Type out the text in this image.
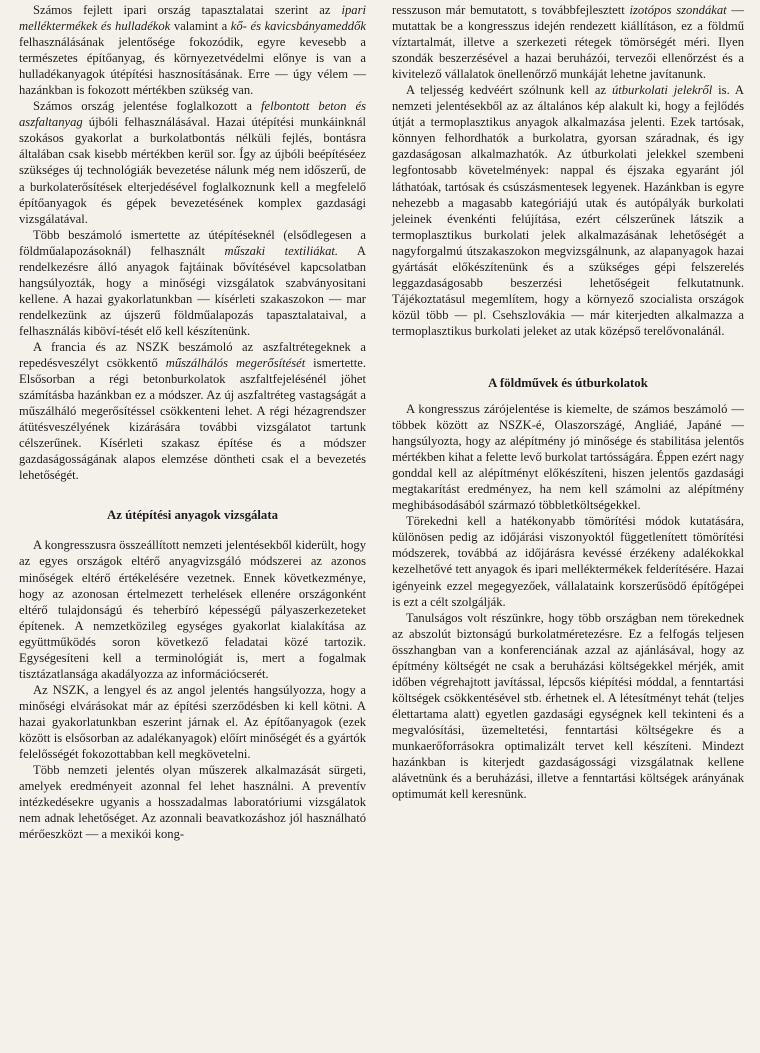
Számos fejlett ipari ország tapasztalatai szerint az ipari melléktermékek és hulladékok valamint a kő- és kavicsbányameddők felhasználásának jelentősége fokozódik, egyre kevesebb a természetes építőanyag, és környezetvédelmi előnye is van a hulladékanyagok útépítési hasznosításának. Erre — úgy vélem — hazánkban is fokozott mértékben szükség van.

Számos ország jelentése foglalkozott a felbontott beton és aszfaltanyag újbóli felhasználásával. Hazai útépítési munkáinknál szokásos gyakorlat a burkolatbontás nélküli fejlés, bontásra általában csak kisebb mértékben kerül sor. Így az újbóli beépítéséez szükséges új technológiák bevezetése nálunk még nem időszerű, de a burkolaterősítések elterjedésével foglalkoznunk kell a megfelelő építőanyagok és gépek bevezetésének komplex gazdasági vizsgálatával.

Több beszámoló ismertette az útépítéseknél (elsődlegesen a földműalapozásoknál) felhasznált műszaki textiliákat. A rendelkezésre álló anyagok fajtáinak bővítésével kapcsolatban hangsúlyozták, hogy a minőségi vizsgálatok szabványositani kellene. A hazai gyakorlatunkban — kísérleti szakaszokon — mar rendelkezünk az újszerű földműalapozás tapasztalataival, a felhasználás kiböví-tését elő kell készítenünk.

A francia és az NSZK beszámoló az aszfaltrétegeknek a repedésveszélyt csökkentő műszálhálós megerősítését ismertette. Elsősorban a régi betonburkolatok aszfaltfejelésénél jöhet számításba hazánkban ez a módszer. Az új aszfaltréteg vastagságát a műszálháló megerősítéssel csökkenteni lehet. A régi hézagrendszer átütésveszélyének kizárására további vizsgálatot tartunk célszerűnek. Kísérleti szakasz építése és a módszer gazdaságosságának alapos elemzése döntheti csak el a bevezetés lehetőségét.

Az útépítési anyagok vizsgálata

A kongresszusra összeállított nemzeti jelentésekből kiderült, hogy az egyes országok eltérő anyagvizsgáló módszerei az azonos minőségek eltérő értékelésére vezetnek. Ennek következménye, hogy az azonosan értelmezett terhelések ellenére országonként eltérő tulajdonságú és teherbíró képességű pályaszerkezeteket építenek. A nemzetközileg egységes gyakorlat kialakítása az együttműködés soron következő feladatai közé tartozik. Egységesíteni kell a terminológiát is, mert a fogalmak tisztázatlansága akadályozza az információcserét.

Az NSZK, a lengyel és az angol jelentés hangsúlyozza, hogy a minőségi elvárásokat már az építési szerződésben ki kell kötni. A hazai gyakorlatunkban eszerint járnak el. Az építőanyagok (ezek között is elsősorban az adalékanyagok) előírt minőségét és a gyártók felelősségét fokozottabban kell megkövetelni.

Több nemzeti jelentés olyan műszerek alkalmazását sürgeti, amelyek eredményeit azonnal fel lehet használni. A preventív intézkedésekre ugyanis a hosszadalmas laboratóriumi vizsgálatok nem adnak lehetőséget. Az azonnali beavatkozáshoz jól használható mérőeszközt — a mexikói kong-

resszuson már bemutatott, s továbbfejlesztett izotópos szondákat — mutattak be a kongresszus idején rendezett kiállításon, ez a földmű víztartalmát, illetve a szerkezeti rétegek tömörségét méri. Ilyen szondák beszerzésével a hazai beruházói, tervezői ellenőrzést és a kivitelező vállalatok önellenőrző munkáját lehetne javítanunk.

A teljesség kedvéért szólnunk kell az útburkolati jelekről is. A nemzeti jelentésekből az az általános kép alakult ki, hogy a fejlődés útját a termoplasztikus anyagok alkalmazása jelenti. Ezek tartósak, könnyen felhordhatók a burkolatra, gyorsan száradnak, és igy gazdaságosan alkalmazhatók. Az útburkolati jelekkel szembeni legfontosabb követelmények: nappal és éjszaka egyaránt jól láthatóak, tartósak és csúszásmentesek legyenek. Hazánkban is egyre nehezebb a magasabb kategóriájú utak és autópályák burkolati jeleinek évenkénti felújítása, ezért célszerűnek látszik a termoplasztikus burkolati jelek alkalmazásának lehetőségét a nagyforgalmú útszakaszokon megvizsgálnunk, az alapanyagok hazai gyártását előkészítenünk és a szükséges gépi felszerelés leggazdaságosabb beszerzési lehetőségeit felkutatnunk. Tájékoztatásul megemlítem, hogy a környező szocialista országok közül több — pl. Csehszlovákia — már kiterjedten alkalmazza a termoplasztikus burkolati jeleket az utak középső terelővonalánál.

A földművek és útburkolatok

A kongresszus zárójelentése is kiemelte, de számos beszámoló — többek között az NSZK-é, Olaszországé, Angliáé, Japáné — hangsúlyozta, hogy az alépítmény jó minősége és stabilitása jelentős mértékben kihat a felette levő burkolat tartósságára. Éppen ezért nagy gonddal kell az alépítményt előkészíteni, hiszen jelentős gazdasági megtakarítást eredményez, ha nem kell számolni az alépítmény meghibásodásából származó többletköltségekkel.

Törekedni kell a hatékonyabb tömörítési módok kutatására, különösen pedig az időjárási viszonyoktól függetlenített tömörítési módszerek, továbbá az időjárásra kevéssé érzékeny adalékokkal kezelhetővé tett anyagok és ipari melléktermékek felderítésére. Hazai igényeink ezzel megegyezőek, vállalataink korszerűsödő építőgépei is ezt a célt szolgálják.

Tanulságos volt részünkre, hogy több országban nem törekednek az abszolút biztonságú burkolatméretezésre. Ez a felfogás teljesen összhangban van a konferenciának azzal az ajánlásával, hogy az építmény költségét ne csak a beruházási költségekkel mérjék, amit időben végrehajtott javítással, lépcsős kiépítési móddal, a fenntartási költségek csökkentésével stb. érhetnek el. A létesítményt tehát (teljes élettartama alatt) egyetlen gazdasági egységnek kell tekinteni és a megvalósítási, üzemeltetési, fenntartási költségekre és a munkaerőforrásokra optimalizált tervet kell készíteni. Mindezt hazánkban is kiterjedt gazdaságossági vizsgálatnak kellene alávetnünk és a beruházási, illetve a fenntartási költségek arányának optimumát kell keresnünk.
